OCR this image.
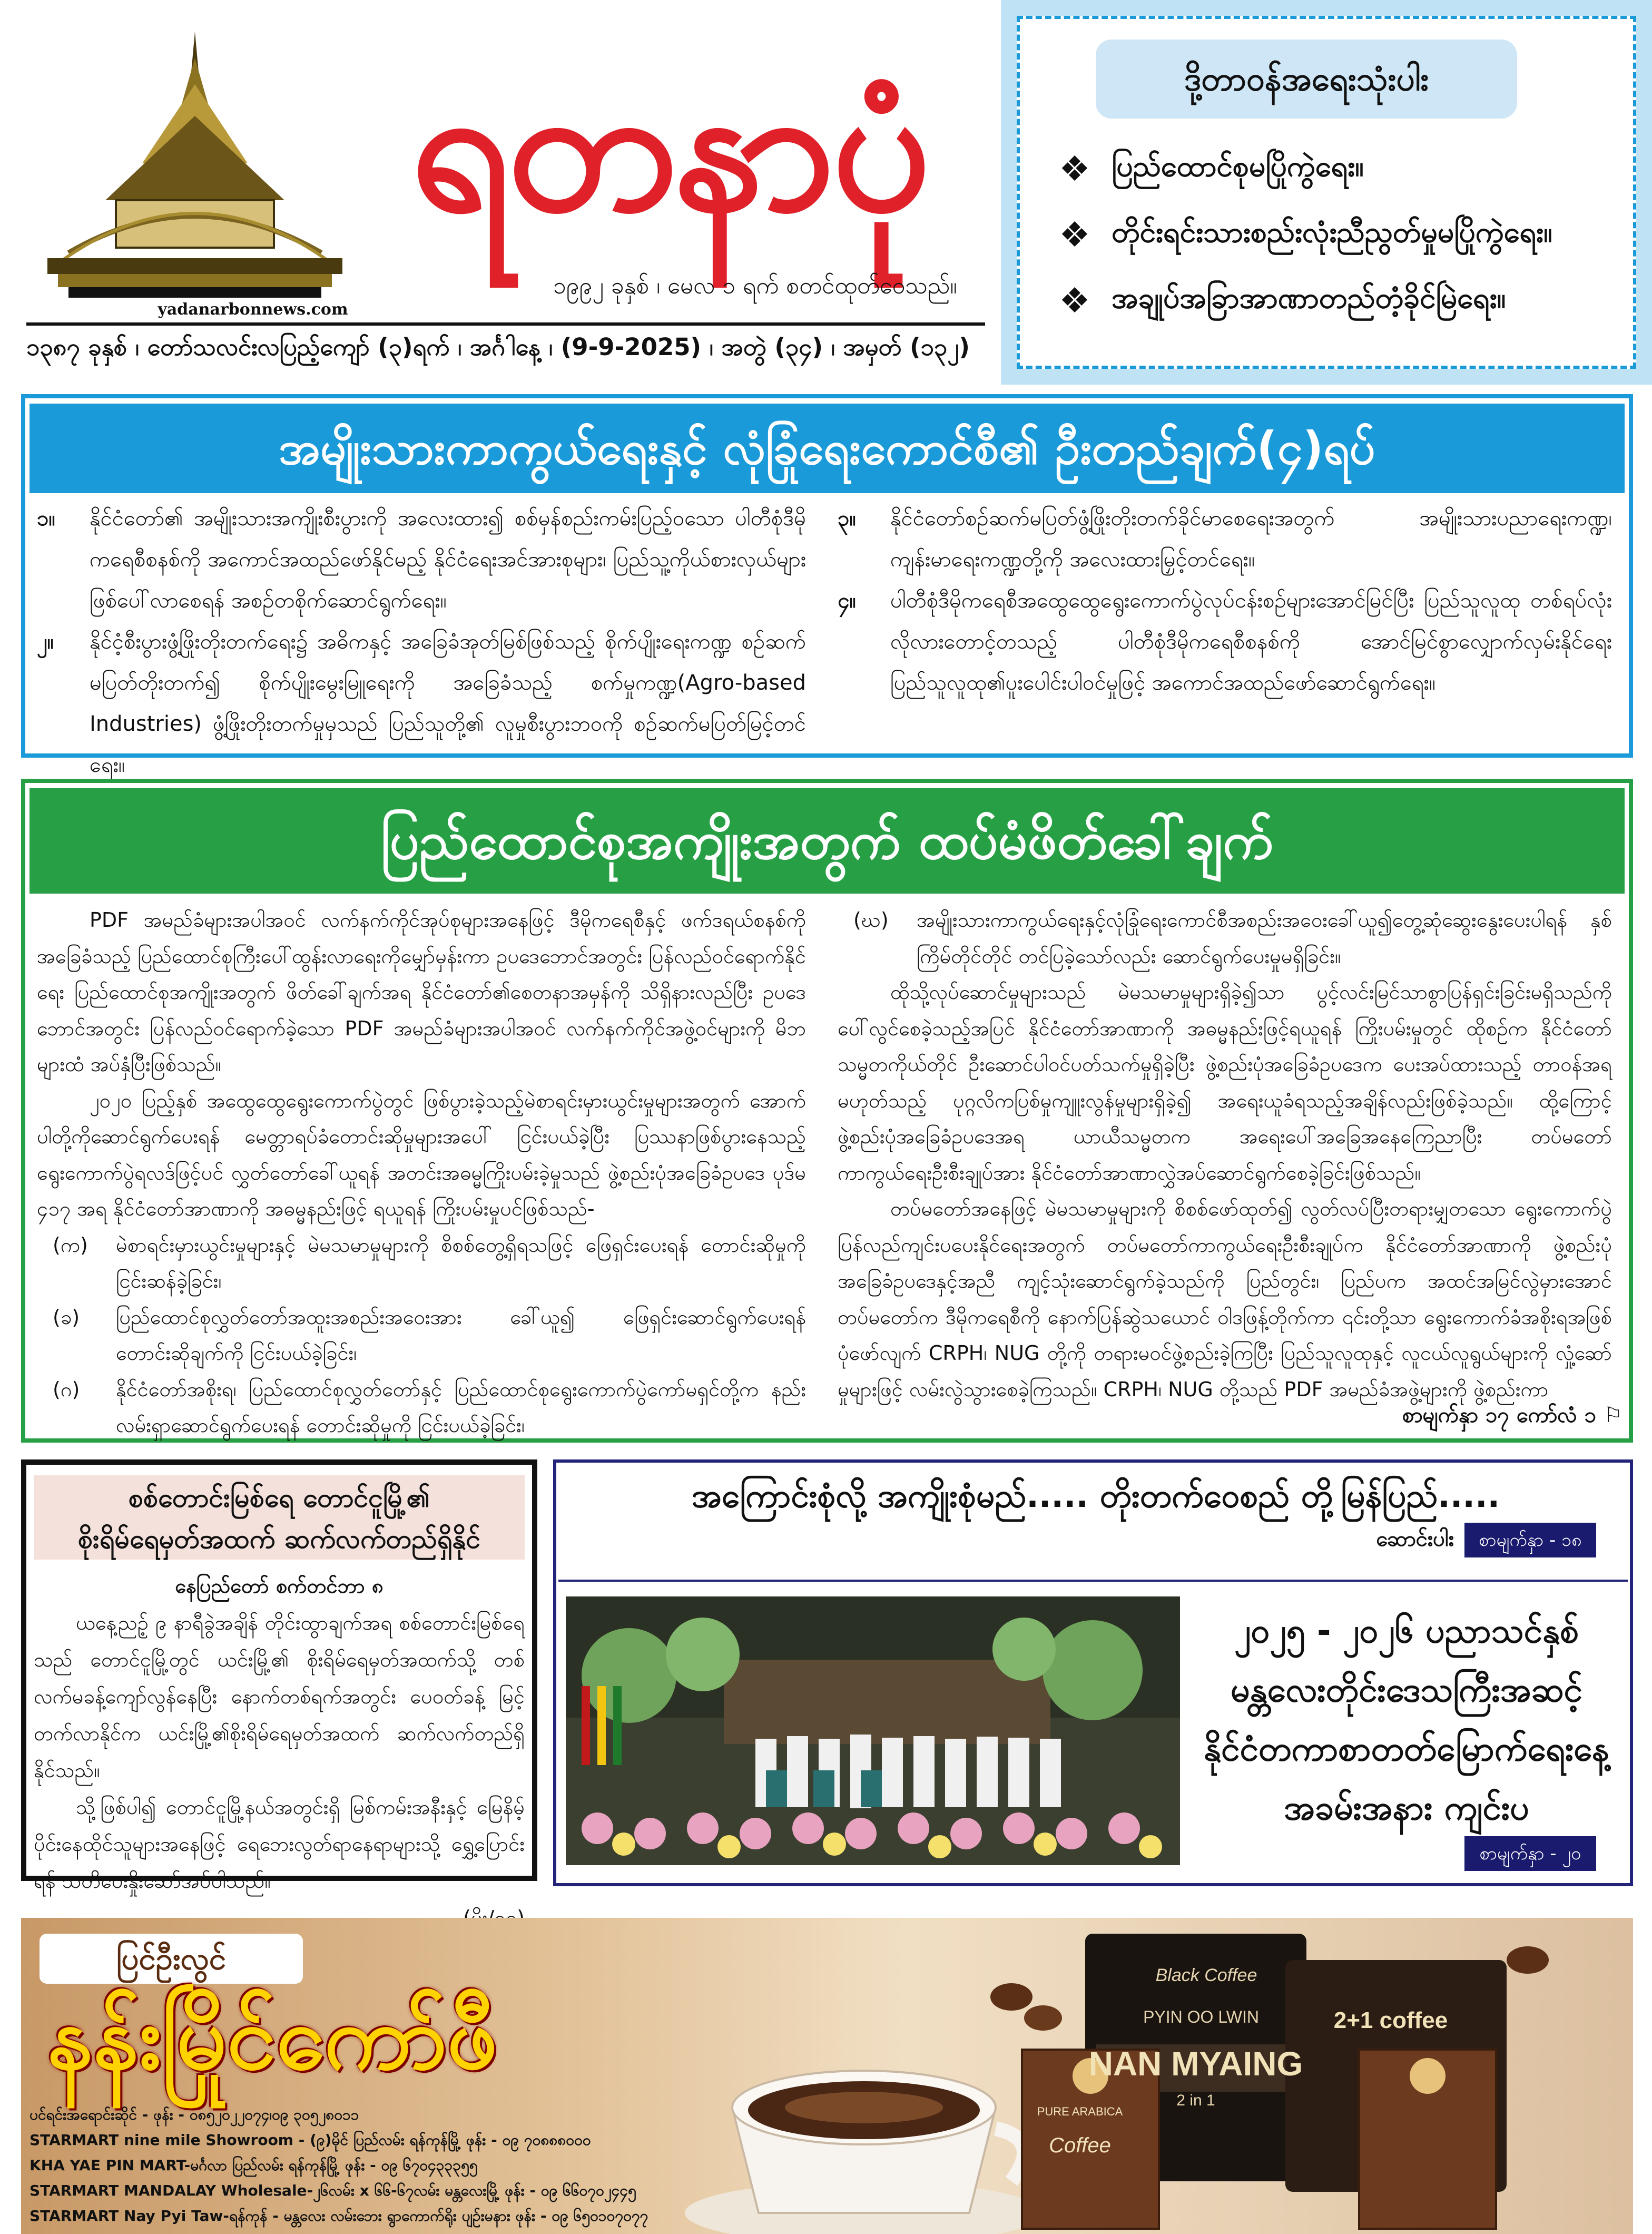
ရတနာပုံ
yadanarbonnews.com
၁၉၉၂ ခုနှစ် ၊ မေလ ၁ ရက် စတင်ထုတ်ဝေသည်။
၁၃၈၇ ခုနှစ် ၊ တော်သလင်းလပြည့်ကျော် (၃)ရက် ၊ အင်္ဂါနေ့ ၊ (9-9-2025) ၊ အတွဲ (၃၄) ၊ အမှတ် (၁၃၂)
ဒို့တာဝန်အရေးသုံးပါး
❖ ပြည်ထောင်စုမပြိုကွဲရေး။
❖ တိုင်းရင်းသားစည်းလုံးညီညွတ်မှုမပြိုကွဲရေး။
❖ အချုပ်အခြာအာဏာတည်တံ့ခိုင်မြဲရေး။
အမျိုးသားကာကွယ်ရေးနှင့် လုံခြုံရေးကောင်စီ၏ ဦးတည်ချက်(၄)ရပ်
၁။	နိုင်ငံတော်၏ အမျိုးသားအကျိုးစီးပွားကို အလေးထား၍ စစ်မှန်စည်းကမ်းပြည့်ဝသော ပါတီစုံဒီမိုကရေစီစနစ်ကို အကောင်အထည်ဖော်နိုင်မည့် နိုင်ငံရေးအင်အားစုများ၊ ပြည်သူ့ကိုယ်စားလှယ်များဖြစ်ပေါ်လာစေရန် အစဉ်တစိုက်ဆောင်ရွက်ရေး။
၂။	နိုင်ငံ့စီးပွားဖွံ့ဖြိုးတိုးတက်ရေး၌ အဓိကနှင့် အခြေခံအုတ်မြစ်ဖြစ်သည့် စိုက်ပျိုးရေးကဏ္ဍ စဉ်ဆက်မပြတ်တိုးတက်၍ စိုက်ပျိုးမွေးမြူရေးကို အခြေခံသည့် စက်မှုကဏ္ဍ(Agro-based Industries) ဖွံ့ဖြိုးတိုးတက်မှုမှသည် ပြည်သူတို့၏ လူမှုစီးပွားဘဝကို စဉ်ဆက်မပြတ်မြင့်တင်ရေး။
၃။	နိုင်ငံတော်စဉ်ဆက်မပြတ်ဖွံ့ဖြိုးတိုးတက်ခိုင်မာစေရေးအတွက် အမျိုးသားပညာရေးကဏ္ဍ၊ ကျန်းမာရေးကဏ္ဍတို့ကို အလေးထားမြှင့်တင်ရေး။
၄။	ပါတီစုံဒီမိုကရေစီအထွေထွေရွေးကောက်ပွဲလုပ်ငန်းစဉ်များအောင်မြင်ပြီး ပြည်သူလူထု တစ်ရပ်လုံး လိုလားတောင့်တသည့် ပါတီစုံဒီမိုကရေစီစနစ်ကို အောင်မြင်စွာလျှောက်လှမ်းနိုင်ရေး ပြည်သူလူထု၏ပူးပေါင်းပါဝင်မှုဖြင့် အကောင်အထည်ဖော်ဆောင်ရွက်ရေး။
ပြည်ထောင်စုအကျိုးအတွက် ထပ်မံဖိတ်ခေါ်ချက်

PDF အမည်ခံများအပါအဝင် လက်နက်ကိုင်အုပ်စုများအနေဖြင့် ဒီမိုကရေစီနှင့် ဖက်ဒရယ်စနစ်ကို အခြေခံသည့် ပြည်ထောင်စုကြီးပေါ်ထွန်းလာရေးကိုမျှော်မှန်းကာ ဥပဒေဘောင်အတွင်း ပြန်လည်ဝင်ရောက်နိုင်ရေး ပြည်ထောင်စုအကျိုးအတွက် ဖိတ်ခေါ်ချက်အရ နိုင်ငံတော်၏စေတနာအမှန်ကို သိရှိနားလည်ပြီး ဥပဒေဘောင်အတွင်း ပြန်လည်ဝင်ရောက်ခဲ့သော PDF အမည်ခံများအပါအဝင် လက်နက်ကိုင်အဖွဲ့ဝင်များကို မိဘများထံ အပ်နှံပြီးဖြစ်သည်။

၂၀၂၀ ပြည့်နှစ် အထွေထွေရွေးကောက်ပွဲတွင် ဖြစ်ပွားခဲ့သည့်မဲစာရင်းမှားယွင်းမှုများအတွက် အောက်ပါတို့ကိုဆောင်ရွက်ပေးရန် မေတ္တာရပ်ခံတောင်းဆိုမှုများအပေါ် ငြင်းပယ်ခဲ့ပြီး ပြဿနာဖြစ်ပွားနေသည့် ရွေးကောက်ပွဲရလဒ်ဖြင့်ပင် လွှတ်တော်ခေါ်ယူရန် အတင်းအဓမ္မကြိုးပမ်းခဲ့မှုသည် ဖွဲ့စည်းပုံအခြေခံဥပဒေ ပုဒ်မ ၄၁၇ အရ နိုင်ငံတော်အာဏာကို အဓမ္မနည်းဖြင့် ရယူရန် ကြိုးပမ်းမှုပင်ဖြစ်သည်-

(က) မဲစာရင်းမှားယွင်းမှုများနှင့် မဲမသမာမှုများကို စိစစ်တွေ့ရှိရသဖြင့် ဖြေရှင်းပေးရန် တောင်းဆိုမှုကို ငြင်းဆန်ခဲ့ခြင်း၊
(ခ) ပြည်ထောင်စုလွှတ်တော်အထူးအစည်းအဝေးအား ခေါ်ယူ၍ ဖြေရှင်းဆောင်ရွက်ပေးရန် တောင်းဆိုချက်ကို ငြင်းပယ်ခဲ့ခြင်း၊
(ဂ) နိုင်ငံတော်အစိုးရ၊ ပြည်ထောင်စုလွှတ်တော်နှင့် ပြည်ထောင်စုရွေးကောက်ပွဲကော်မရှင်တို့က နည်းလမ်းရှာဆောင်ရွက်ပေးရန် တောင်းဆိုမှုကို ငြင်းပယ်ခဲ့ခြင်း၊
(ဃ) အမျိုးသားကာကွယ်ရေးနှင့်လုံခြုံရေးကောင်စီအစည်းအဝေးခေါ်ယူ၍တွေ့ဆုံဆွေးနွေးပေးပါရန် နှစ်ကြိမ်တိုင်တိုင် တင်ပြခဲ့သော်လည်း ဆောင်ရွက်ပေးမှုမရှိခြင်း။

ထိုသို့လုပ်ဆောင်မှုများသည် မဲမသမာမှုများရှိခဲ့၍သာ ပွင့်လင်းမြင်သာစွာပြန်ရှင်းခြင်းမရှိသည်ကို ပေါ်လွင်စေခဲ့သည့်အပြင် နိုင်ငံတော်အာဏာကို အဓမ္မနည်းဖြင့်ရယူရန် ကြိုးပမ်းမှုတွင် ထိုစဉ်က နိုင်ငံတော်သမ္မတကိုယ်တိုင် ဦးဆောင်ပါဝင်ပတ်သက်မှုရှိခဲ့ပြီး ဖွဲ့စည်းပုံအခြေခံဥပဒေက ပေးအပ်ထားသည့် တာဝန်အရ မဟုတ်သည့် ပုဂ္ဂလိကပြစ်မှုကျူးလွန်မှုများရှိခဲ့၍ အရေးယူခံရသည့်အချိန်လည်းဖြစ်ခဲ့သည်။ ထို့ကြောင့် ဖွဲ့စည်းပုံအခြေခံဥပဒေအရ ယာယီသမ္မတက အရေးပေါ်အခြေအနေကြေညာပြီး တပ်မတော်ကာကွယ်ရေးဦးစီးချုပ်အား နိုင်ငံတော်အာဏာလွှဲအပ်ဆောင်ရွက်စေခဲ့ခြင်းဖြစ်သည်။

တပ်မတော်အနေဖြင့် မဲမသမာမှုများကို စိစစ်ဖော်ထုတ်၍ လွတ်လပ်ပြီးတရားမျှတသော ရွေးကောက်ပွဲ ပြန်လည်ကျင်းပပေးနိုင်ရေးအတွက် တပ်မတော်ကာကွယ်ရေးဦးစီးချုပ်က နိုင်ငံတော်အာဏာကို ဖွဲ့စည်းပုံအခြေခံဥပဒေနှင့်အညီ ကျင့်သုံးဆောင်ရွက်ခဲ့သည်ကို ပြည်တွင်း၊ ပြည်ပက အထင်အမြင်လွဲမှားအောင် တပ်မတော်က ဒီမိုကရေစီကို နောက်ပြန်ဆွဲသယောင် ဝါဒဖြန့်တိုက်ကာ ၎င်းတို့သာ ရွေးကောက်ခံအစိုးရအဖြစ် ပုံဖော်လျက် CRPH၊ NUG တို့ကို တရားမဝင်ဖွဲ့စည်းခဲ့ကြပြီး ပြည်သူလူထုနှင့် လူငယ်လူရွယ်များကို လှုံ့ဆော်မှုများဖြင့် လမ်းလွဲသွားစေခဲ့ကြသည်။ CRPH၊ NUG တို့သည် PDF အမည်ခံအဖွဲ့များကို ဖွဲ့စည်းကာ

စာမျက်နှာ ၁၇ ကော်လံ ၁ ⚐
စစ်တောင်းမြစ်ရေ တောင်ငူမြို့၏
စိုးရိမ်ရေမှတ်အထက် ဆက်လက်တည်ရှိနိုင်
နေပြည်တော် စက်တင်ဘာ ၈

ယနေ့ညဥ့် ၉ နာရီခွဲအချိန် တိုင်းထွာချက်အရ စစ်တောင်းမြစ်ရေသည် တောင်ငူမြို့တွင် ယင်းမြို့၏ စိုးရိမ်ရေမှတ်အထက်သို့ တစ်လက်မခန့်ကျော်လွန်နေပြီး နောက်တစ်ရက်အတွင်း ပေ၀တ်ခန့် မြင့်တက်လာနိုင်က ယင်းမြို့၏စိုးရိမ်ရေမှတ်အထက် ဆက်လက်တည်ရှိနိုင်သည်။

သို့ဖြစ်ပါ၍ တောင်ငူမြို့နယ်အတွင်းရှိ မြစ်ကမ်းအနီးနှင့် မြေနိမ့်ပိုင်းနေထိုင်သူများအနေဖြင့် ရေဘေးလွတ်ရာနေရာများသို့ ရွှေ့ပြောင်းရန် သတိပေးနှိုးဆော်အပ်ပါသည်။

အကြောင်းစုံလို့ အကျိုးစုံမည်..... တိုးတက်ဝေစည် တို့မြန်ပြည်.....
ဆောင်းပါး	စာမျက်နှာ - ၁၈
၂၀၂၅ - ၂၀၂၆ ပညာသင်နှစ်
မန္တလေးတိုင်းဒေသကြီးအဆင့်
နိုင်ငံတကာစာတတ်မြောက်ရေးနေ့
အခမ်းအနား ကျင်းပ
စာမျက်နှာ - ၂၀
Black Coffee
PYIN OO LWIN
NAN MYAING
2 in 1
PURE ARABICA
Coffee
2+1 coffee
ပြင်ဦးလွင်
နန်းမြိုင်ကော်ဖီ
ပင်ရင်းအရောင်းဆိုင် - ဖုန်း - ၀၈၅၂၀၂၂၀၇၄၊၀၉ ၃၀၅၂၈၀၁၁
STARMART nine mile Showroom - (၉)မိုင် ပြည်လမ်း ရန်ကုန်မြို့ ဖုန်း - ၀၉ ၇၀၈၈၈၀၀၀
KHA YAE PIN MART-မင်္ဂလာ ပြည်လမ်း ရန်ကုန်မြို့ ဖုန်း - ၀၉ ၆၇၀၄၃၃၃၅၅
STARMART MANDALAY Wholesale-၂၆လမ်း x ၆၆-၆၇လမ်း မန္တလေးမြို့ ဖုန်း - ၀၉ ၆၆၀၇၀၂၄၄၅
STARMART Nay Pyi Taw-ရန်ကုန် - မန္တလေး လမ်းဘေး ရွာကောက်ရိုး ပျဉ်းမနား ဖုန်း - ၀၉ ၆၅၀၁၀၇၀၇၇
